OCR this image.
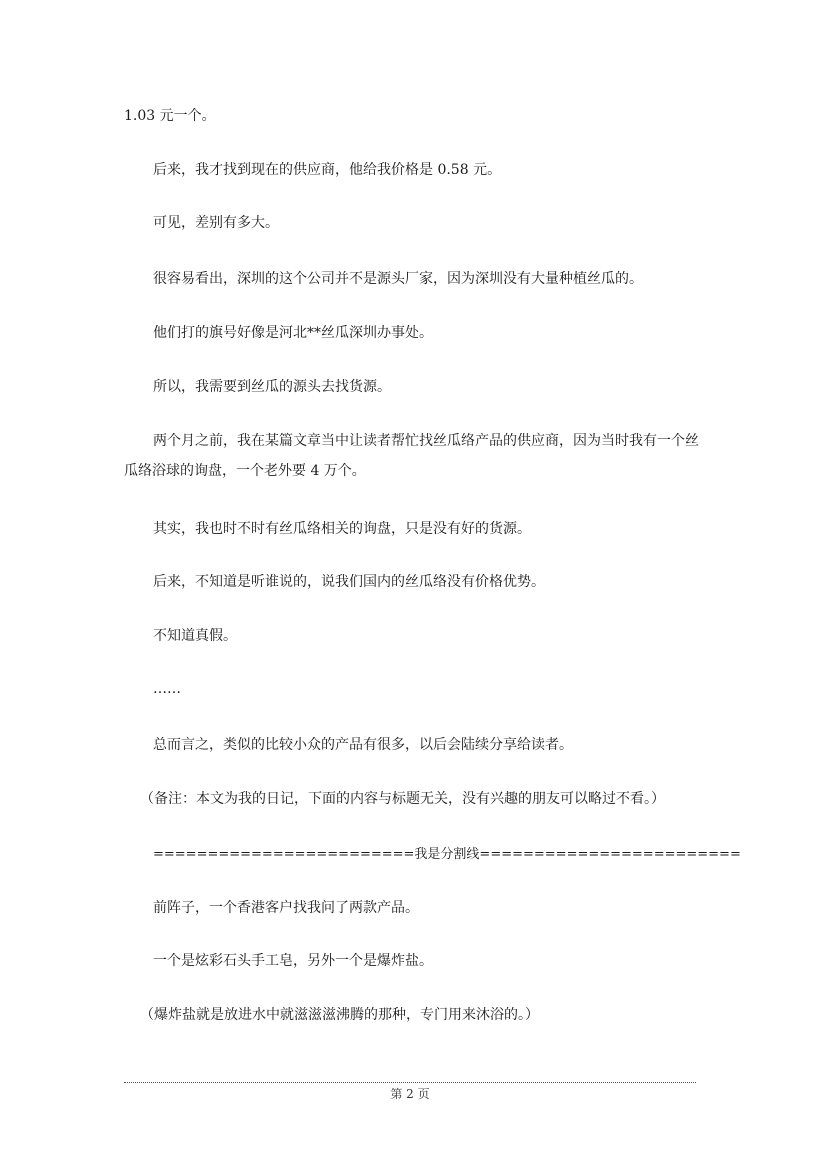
1.03 元一个。

后来，我才找到现在的供应商，他给我价格是 0.58 元。

可见，差别有多大。

很容易看出，深圳的这个公司并不是源头厂家，因为深圳没有大量种植丝瓜的。

他们打的旗号好像是河北**丝瓜深圳办事处。

所以，我需要到丝瓜的源头去找货源。

两个月之前，我在某篇文章当中让读者帮忙找丝瓜络产品的供应商，因为当时我有一个丝瓜络浴球的询盘，一个老外要 4 万个。

其实，我也时不时有丝瓜络相关的询盘，只是没有好的货源。

后来，不知道是听谁说的，说我们国内的丝瓜络没有价格优势。

不知道真假。

……

总而言之，类似的比较小众的产品有很多，以后会陆续分享给读者。

（备注：本文为我的日记，下面的内容与标题无关，没有兴趣的朋友可以略过不看。）

========================我是分割线========================

前阵子，一个香港客户找我问了两款产品。

一个是炫彩石头手工皂，另外一个是爆炸盐。

（爆炸盐就是放进水中就滋滋滋沸腾的那种，专门用来沐浴的。）

第 2 页
